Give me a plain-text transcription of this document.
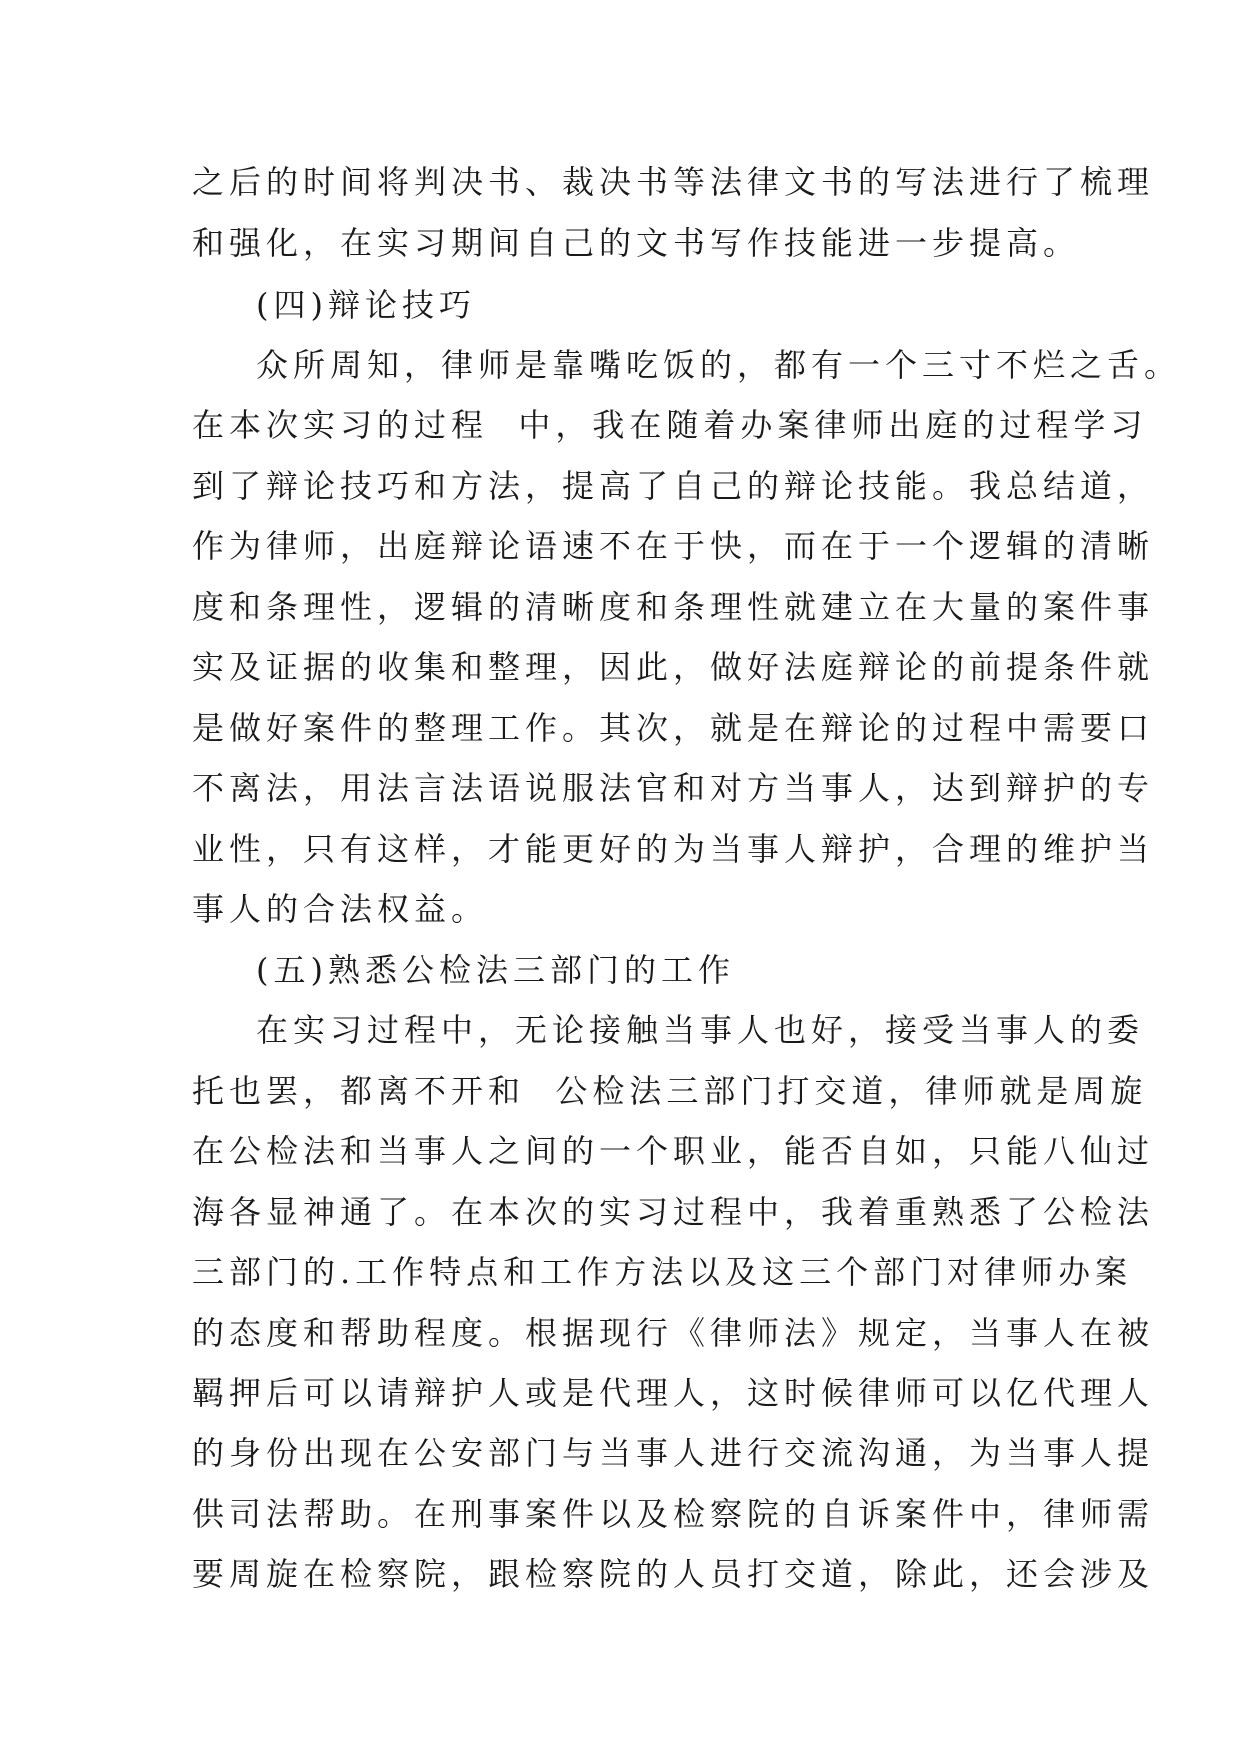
之后的时间将判决书、裁决书等法律文书的写法进行了梳理
和强化，在实习期间自己的文书写作技能进一步提高。
(四)辩论技巧
众所周知，律师是靠嘴吃饭的，都有一个三寸不烂之舌。
在本次实习的过程  中，我在随着办案律师出庭的过程学习
到了辩论技巧和方法，提高了自己的辩论技能。我总结道，
作为律师，出庭辩论语速不在于快，而在于一个逻辑的清晰
度和条理性，逻辑的清晰度和条理性就建立在大量的案件事
实及证据的收集和整理，因此，做好法庭辩论的前提条件就
是做好案件的整理工作。其次，就是在辩论的过程中需要口
不离法，用法言法语说服法官和对方当事人，达到辩护的专
业性，只有这样，才能更好的为当事人辩护，合理的维护当
事人的合法权益。
(五)熟悉公检法三部门的工作
在实习过程中，无论接触当事人也好，接受当事人的委
托也罢，都离不开和  公检法三部门打交道，律师就是周旋
在公检法和当事人之间的一个职业，能否自如，只能八仙过
海各显神通了。在本次的实习过程中，我着重熟悉了公检法
三部门的.工作特点和工作方法以及这三个部门对律师办案
的态度和帮助程度。根据现行《律师法》规定，当事人在被
羁押后可以请辩护人或是代理人，这时候律师可以亿代理人
的身份出现在公安部门与当事人进行交流沟通，为当事人提
供司法帮助。在刑事案件以及检察院的自诉案件中，律师需
要周旋在检察院，跟检察院的人员打交道，除此，还会涉及
